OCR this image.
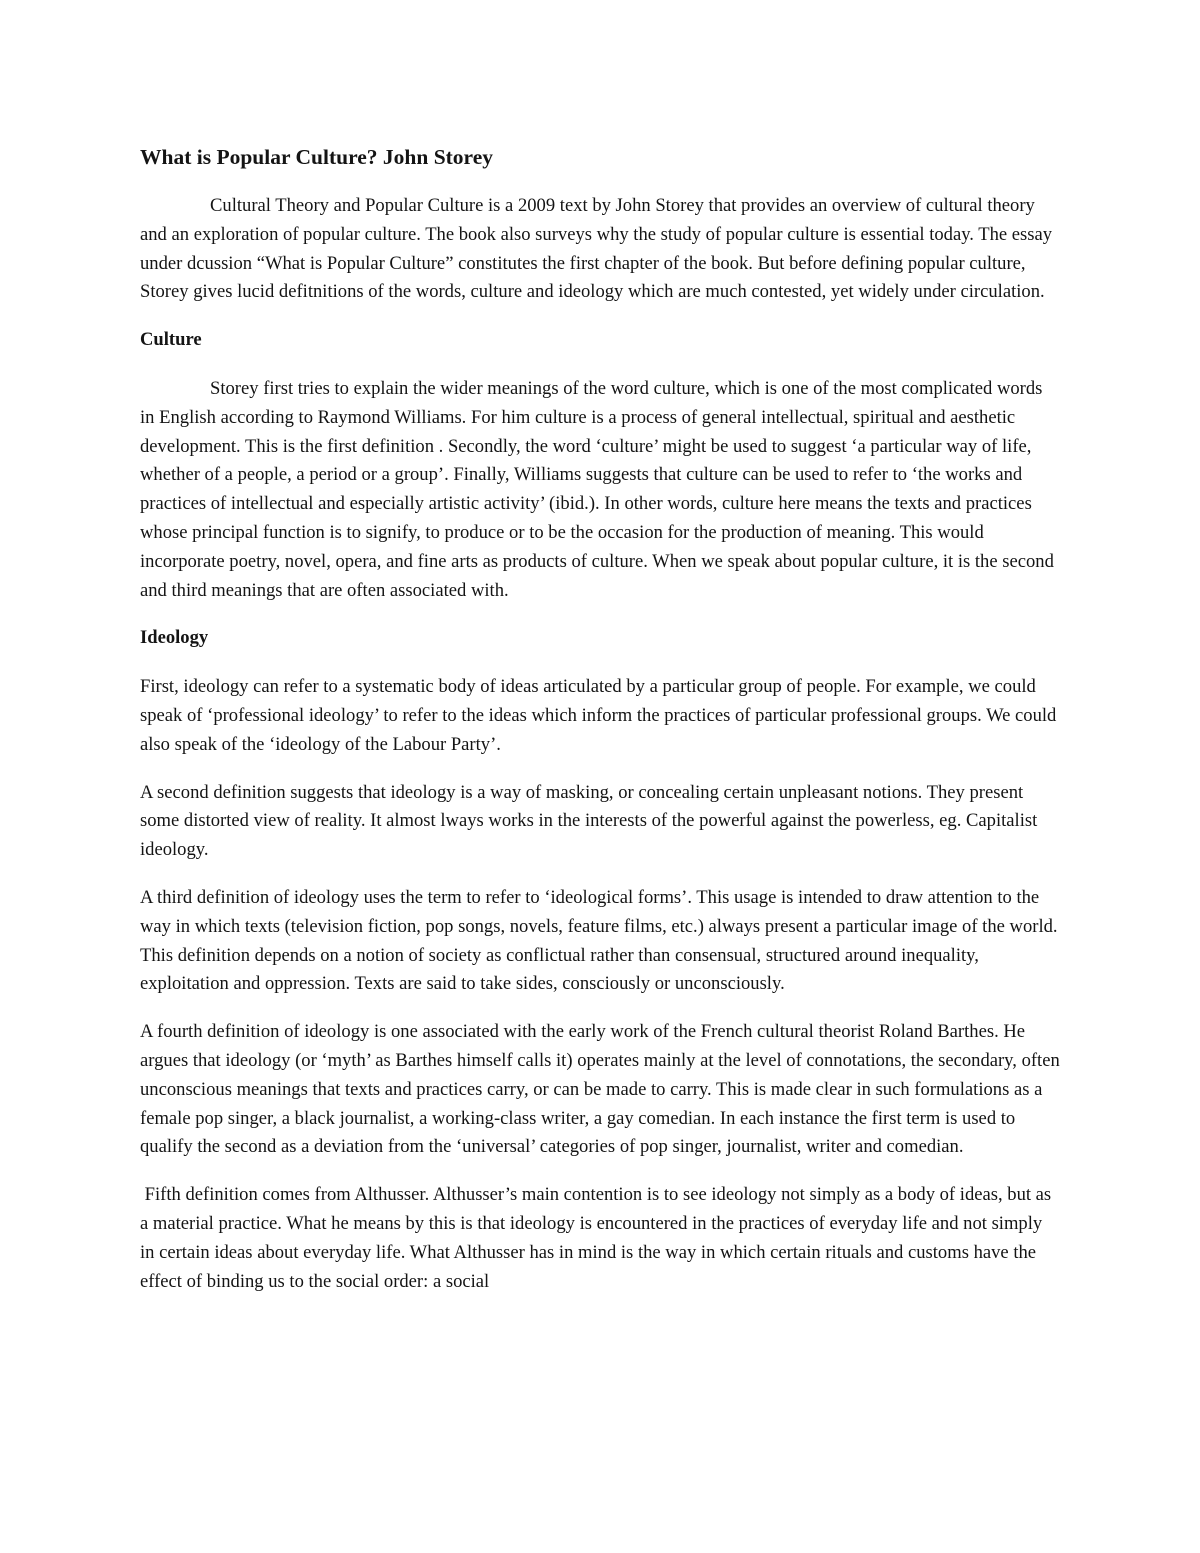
What is Popular Culture? John Storey

Cultural Theory and Popular Culture is a 2009 text by John Storey that provides an overview of cultural theory and an exploration of popular culture. The book also surveys why the study of popular culture is essential today. The essay under dcussion “What is Popular Culture” constitutes the first chapter of the book. But before defining popular culture, Storey gives lucid defitnitions of the words, culture and ideology which are much contested, yet widely under circulation.

Culture

Storey first tries to explain the wider meanings of the word culture, which is one of the most complicated words in English according to Raymond Williams. For him culture is a process of general intellectual, spiritual and aesthetic development. This is the first definition . Secondly, the word ‘culture’ might be used to suggest ‘a particular way of life, whether of a people, a period or a group’. Finally, Williams suggests that culture can be used to refer to ‘the works and practices of intellectual and especially artistic activity’ (ibid.). In other words, culture here means the texts and practices whose principal function is to signify, to produce or to be the occasion for the production of meaning. This would incorporate poetry, novel, opera, and fine arts as products of culture. When we speak about popular culture, it is the second and third meanings that are often associated with.

Ideology

First, ideology can refer to a systematic body of ideas articulated by a particular group of people. For example, we could speak of ‘professional ideology’ to refer to the ideas which inform the practices of particular professional groups. We could also speak of the ‘ideology of the Labour Party’.

A second definition suggests that ideology is a way of masking, or concealing certain unpleasant notions. They present some distorted view of reality. It almost lways works in the interests of the powerful against the powerless, eg. Capitalist ideology.

A third definition of ideology uses the term to refer to ‘ideological forms’. This usage is intended to draw attention to the way in which texts (television fiction, pop songs, novels, feature films, etc.) always present a particular image of the world. This definition depends on a notion of society as conflictual rather than consensual, structured around inequality, exploitation and oppression. Texts are said to take sides, consciously or unconsciously.

A fourth definition of ideology is one associated with the early work of the French cultural theorist Roland Barthes. He argues that ideology (or ‘myth’ as Barthes himself calls it) operates mainly at the level of connotations, the secondary, often unconscious meanings that texts and practices carry, or can be made to carry. This is made clear in such formulations as a female pop singer, a black journalist, a working-class writer, a gay comedian. In each instance the first term is used to qualify the second as a deviation from the ‘universal’ categories of pop singer, journalist, writer and comedian.

Fifth definition comes from Althusser. Althusser’s main contention is to see ideology not simply as a body of ideas, but as a material practice. What he means by this is that ideology is encountered in the practices of everyday life and not simply in certain ideas about everyday life. What Althusser has in mind is the way in which certain rituals and customs have the effect of binding us to the social order: a social
